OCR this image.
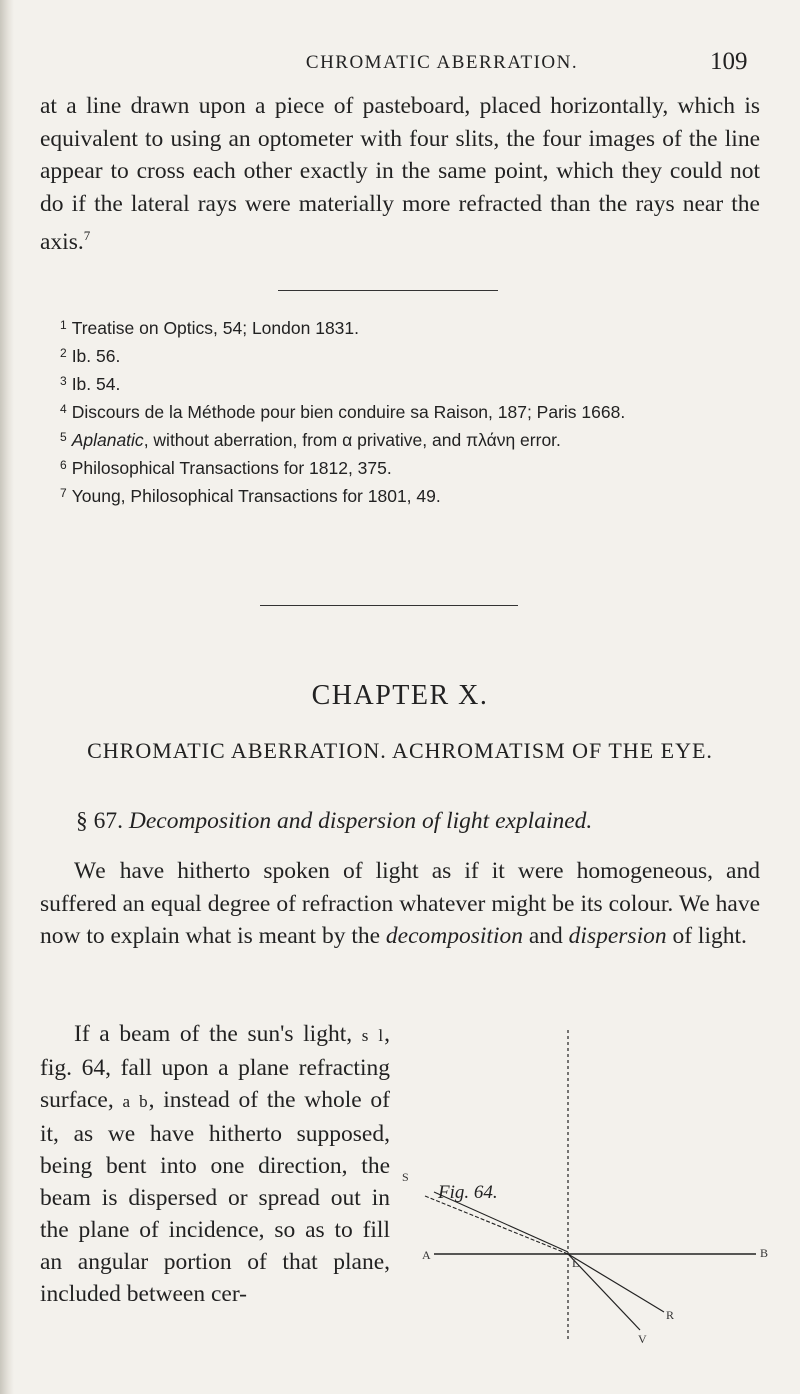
CHROMATIC ABERRATION.	109

at a line drawn upon a piece of pasteboard, placed horizontally, which is equivalent to using an optometer with four slits, the four images of the line appear to cross each other exactly in the same point, which they could not do if the lateral rays were materially more refracted than the rays near the axis.$^7$

$^1$ Treatise on Optics, 54; London 1831.
$^2$ Ib. 56.
$^3$ Ib. 54.
$^4$ Discours de la Méthode pour bien conduire sa Raison, 187; Paris 1668.
$^5$ Aplanatic, without aberration, from α privative, and πλάνη error.
$^6$ Philosophical Transactions for 1812, 375.
$^7$ Young, Philosophical Transactions for 1801, 49.
CHAPTER X.
CHROMATIC ABERRATION. ACHROMATISM OF THE EYE.
§ 67. Decomposition and dispersion of light explained.

We have hitherto spoken of light as if it were homogeneous, and suffered an equal degree of refraction whatever might be its colour. We have now to explain what is meant by the decomposition and dispersion of light.

If a beam of the sun's light, s l, fig. 64, fall upon a plane refracting surface, a b, instead of the whole of it, as we have hitherto supposed, being bent into one direction, the beam is dispersed or spread out in the plane of incidence, so as to fill an angular portion of that plane, included between cer-

S
A	B
L
R
V
Fig. 64.
